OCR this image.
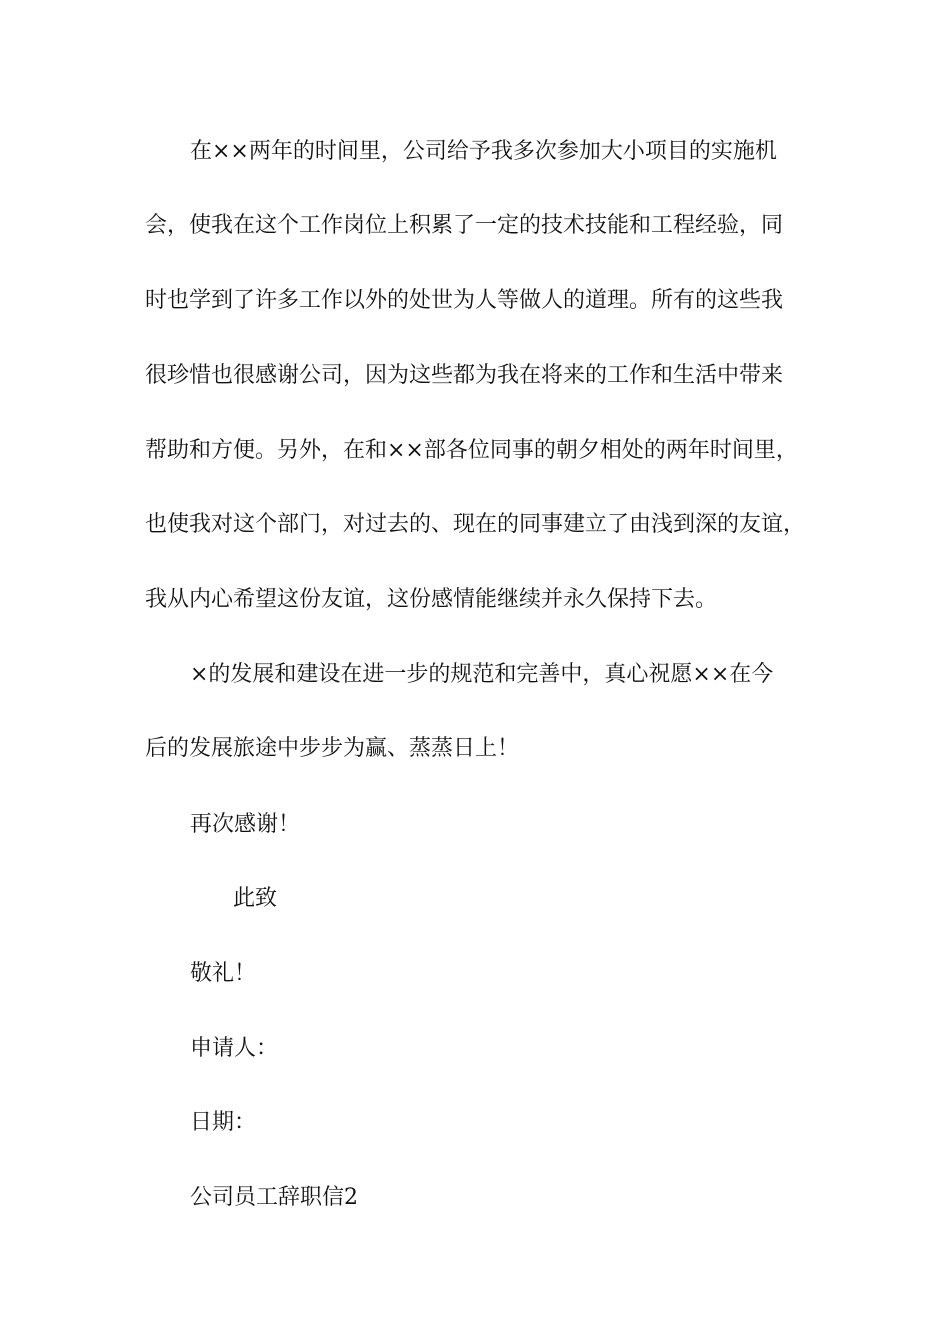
在××两年的时间里，公司给予我多次参加大小项目的实施机

会，使我在这个工作岗位上积累了一定的技术技能和工程经验，同

时也学到了许多工作以外的处世为人等做人的道理。所有的这些我

很珍惜也很感谢公司，因为这些都为我在将来的工作和生活中带来

帮助和方便。另外，在和××部各位同事的朝夕相处的两年时间里，

也使我对这个部门，对过去的、现在的同事建立了由浅到深的友谊，

我从内心希望这份友谊，这份感情能继续并永久保持下去。

×的发展和建设在进一步的规范和完善中，真心祝愿××在今

后的发展旅途中步步为赢、蒸蒸日上！

再次感谢！

此致

敬礼！

申请人：

日期：

公司员工辞职信2
